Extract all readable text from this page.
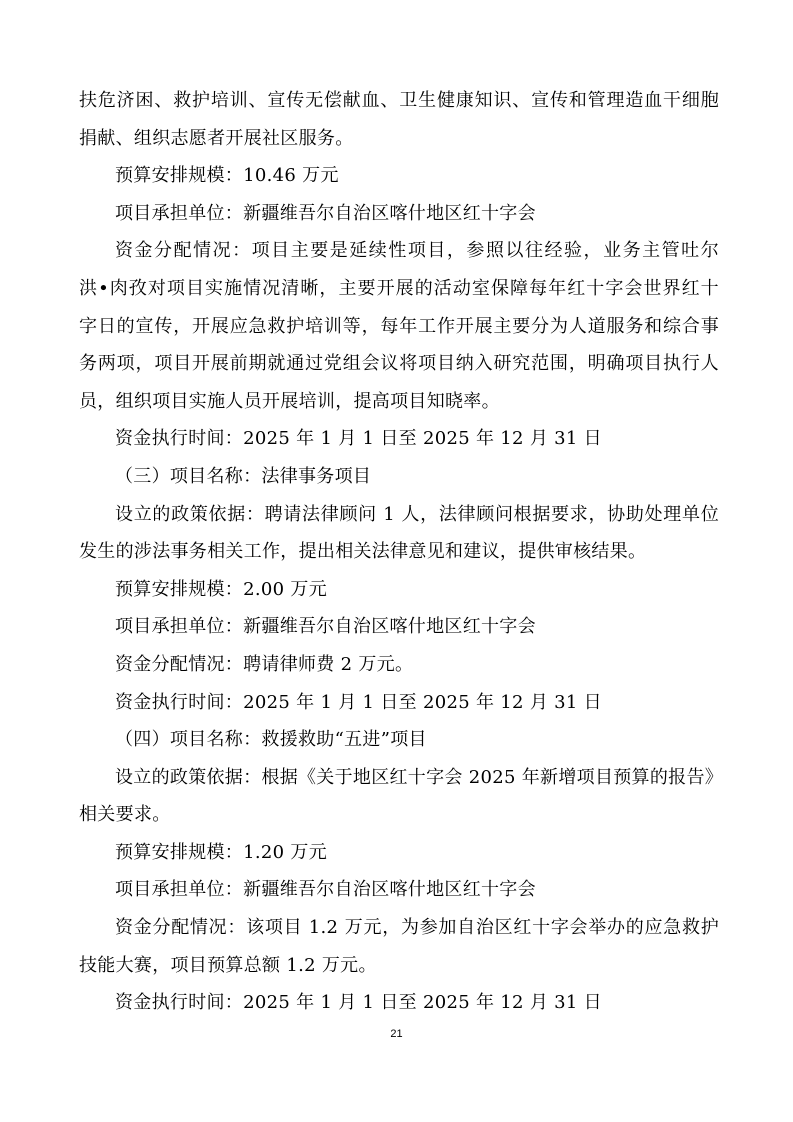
扶危济困、救护培训、宣传无偿献血、卫生健康知识、宣传和管理造血干细胞
捐献、组织志愿者开展社区服务。
预算安排规模：10.46 万元
项目承担单位：新疆维吾尔自治区喀什地区红十字会
资金分配情况：项目主要是延续性项目，参照以往经验，业务主管吐尔
洪•肉孜对项目实施情况清晰，主要开展的活动室保障每年红十字会世界红十
字日的宣传，开展应急救护培训等，每年工作开展主要分为人道服务和综合事
务两项，项目开展前期就通过党组会议将项目纳入研究范围，明确项目执行人
员，组织项目实施人员开展培训，提高项目知晓率。
资金执行时间：2025 年 1 月 1 日至 2025 年 12 月 31 日
（三）项目名称：法律事务项目
设立的政策依据：聘请法律顾问 1 人，法律顾问根据要求，协助处理单位
发生的涉法事务相关工作，提出相关法律意见和建议，提供审核结果。
预算安排规模：2.00 万元
项目承担单位：新疆维吾尔自治区喀什地区红十字会
资金分配情况：聘请律师费 2 万元。
资金执行时间：2025 年 1 月 1 日至 2025 年 12 月 31 日
（四）项目名称：救援救助“五进”项目
设立的政策依据：根据《关于地区红十字会 2025 年新增项目预算的报告》
相关要求。
预算安排规模：1.20 万元
项目承担单位：新疆维吾尔自治区喀什地区红十字会
资金分配情况：该项目 1.2 万元，为参加自治区红十字会举办的应急救护
技能大赛，项目预算总额 1.2 万元。
资金执行时间：2025 年 1 月 1 日至 2025 年 12 月 31 日
21
